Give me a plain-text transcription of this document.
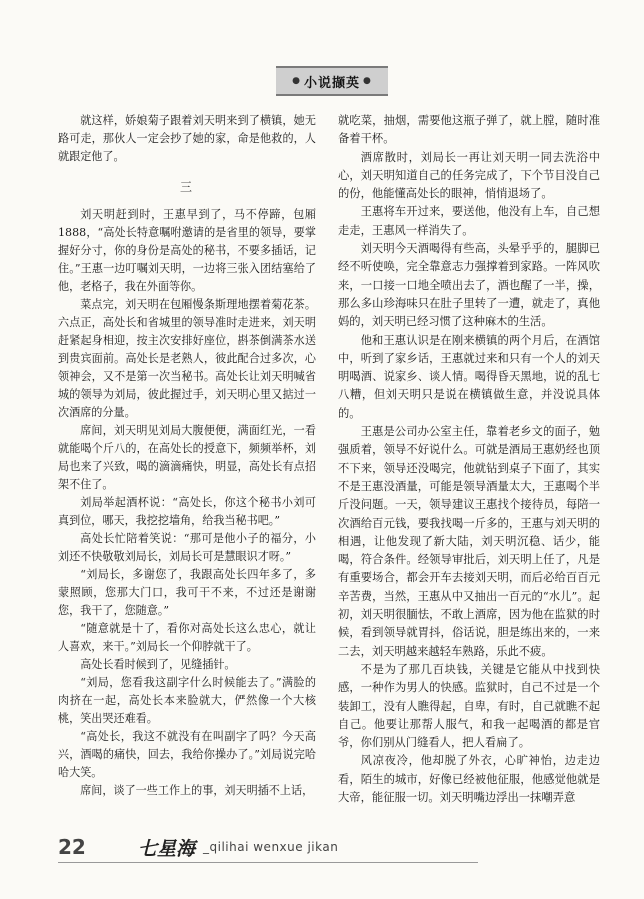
● 小说撷英 ●

就这样，娇娘菊子跟着刘天明来到了横镇，她无路可走，那伙人一定会抄了她的家，命是他救的，人就跟定他了。

三

刘天明赶到时，王惠早到了，马不停蹄，包厢1888，“高处长特意嘱咐邀请的是省里的领导，要掌握好分寸，你的身份是高处的秘书，不要多插话，记住。”王惠一边叮嘱刘天明，一边将三张入团结塞给了他，老格子，我在外面等你。

菜点完，刘天明在包厢慢条斯理地摆着菊花茶。六点正，高处长和省城里的领导准时走进来，刘天明赶紧起身相迎，按主次安排好座位，斟茶倒满茶水送到贵宾面前。高处长是老熟人，彼此配合过多次，心领神会，又不是第一次当秘书。高处长让刘天明喊省城的领导为刘局，彼此握过手，刘天明心里又掂过一次酒席的分量。

席间，刘天明见刘局大腹便便，满面红光，一看就能喝个斤八的，在高处长的授意下，频频举杯，刘局也来了兴致，喝的滴滴痛快，明显，高处长有点招架不住了。

刘局举起酒杯说：“高处长，你这个秘书小刘可真到位，哪天，我挖挖墙角，给我当秘书吧。”

高处长忙陪着笑说：“那可是他小子的福分，小刘还不快敬敬刘局长，刘局长可是慧眼识才呀。”

“刘局长，多谢您了，我跟高处长四年多了，多蒙照顾，您那大门口，我可干不来，不过还是谢谢您，我干了，您随意。”

“随意就是十了，看你对高处长这么忠心，就让人喜欢，来干。”刘局长一个仰脖就干了。

高处长看时候到了，见缝插针。

“刘局，您看我这副字什么时候能去了。”满脸的肉挤在一起，高处长本来脸就大，俨然像一个大核桃，笑出哭还难看。

“高处长，我这不就没有在叫副字了吗？今天高兴，酒喝的痛快，回去，我给你操办了。”刘局说完哈哈大笑。

席间，谈了一些工作上的事，刘天明插不上话，

就吃菜，抽烟，需要他这瓶子弹了，就上膛，随时准备着干杯。

酒席散时，刘局长一再让刘天明一同去洗浴中心，刘天明知道自己的任务完成了，下个节目没自己的份，他能懂高处长的眼神，悄悄退场了。

王惠将车开过来，要送他，他没有上车，自己想走走，王惠风一样消失了。

刘天明今天酒喝得有些高，头晕乎乎的，腿脚已经不听使唤，完全靠意志力强撑着到家路。一阵风吹来，一口接一口地全喷出去了，酒也醒了一半，操，那么多山珍海味只在肚子里转了一遭，就走了，真他妈的，刘天明已经习惯了这种麻木的生活。

他和王惠认识是在刚来横镇的两个月后，在酒馆中，听到了家乡话，王惠就过来和只有一个人的刘天明喝酒、说家乡、谈人情。喝得昏天黑地，说的乱七八糟，但刘天明只是说在横镇做生意，并没说具体的。

王惠是公司办公室主任，靠着老乡文的面子，勉强质着，领导不好说什么。可就是酒局王惠奶经也顶不下来，领导还没喝完，他就钻到桌子下面了，其实不是王惠没酒量，可能是领导酒量太大，王惠喝个半斤没问题。一天，领导建议王惠找个接待员，每陪一次酒给百元钱，要我找喝一斤多的，王惠与刘天明的相遇，让他发现了新大陆，刘天明沉稳、话少，能喝，符合条件。经领导审批后，刘天明上任了，凡是有重要场合，都会开车去接刘天明，而后必给百百元辛苦费，当然，王惠从中又抽出一百元的“水儿”。起初，刘天明很腼怯，不敢上酒席，因为他在监狱的时候，看到领导就胃抖，俗话说，胆是练出来的，一来二去，刘天明越来越轻车熟路，乐此不疲。

不是为了那几百块钱，关键是它能从中找到快感，一种作为男人的快感。监狱时，自己不过是一个装卸工，没有人瞧得起，自卑，有时，自己就瞧不起自己。他要让那帮人服气，和我一起喝酒的都是官爷，你们别从门缝看人，把人看扁了。

风凉夜冷，他却脱了外衣，心旷神怡，边走边看，陌生的城市，好像已经被他征服，他感觉他就是大帝，能征服一切。刘天明嘴边浮出一抹嘲弄意

22	七星海 _qilihai wenxue jikan
